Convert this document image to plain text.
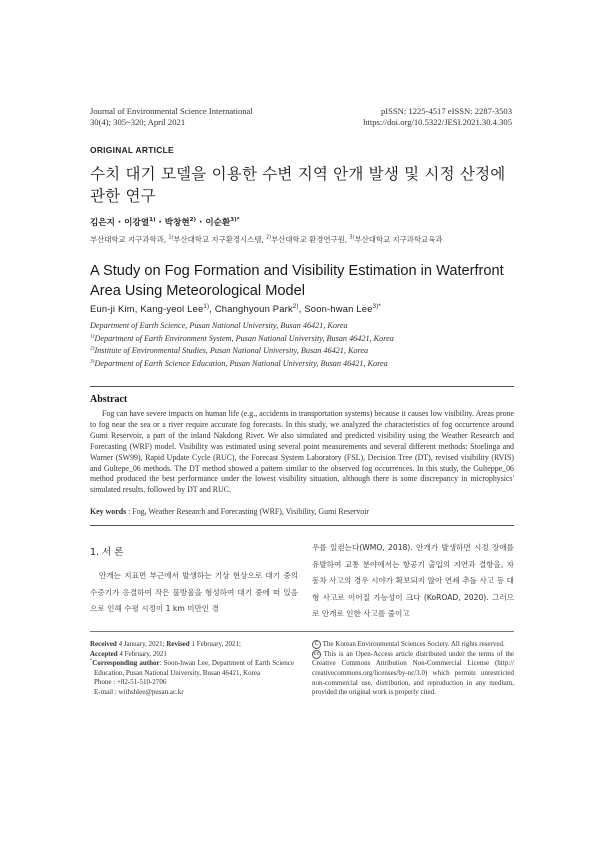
Journal of Environmental Science International
30(4); 305~320; April 2021
pISSN: 1225-4517 eISSN: 2287-3503
https://doi.org/10.5322/JESI.2021.30.4.305
ORIGINAL ARTICLE
수치 대기 모델을 이용한 수변 지역 안개 발생 및 시정 산정에
관한 연구
김은지 · 이강열$^{1)}$ · 박창현$^{2)}$ · 이순환$^{3)*}$
부산대학교 지구과학과, $^{1)}$부산대학교 지구환경시스템, $^{2)}$부산대학교 환경연구원, $^{3)}$부산대학교 지구과학교육과
A Study on Fog Formation and Visibility Estimation in Waterfront
Area Using Meteorological Model
Eun-ji Kim, Kang-yeol Lee$^{1)}$, Changhyoun Park$^{2)}$, Soon-hwan Lee$^{3)*}$
Department of Earth Science, Pusan National University, Busan 46421, Korea
$^{1)}$Department of Earth Environment System, Pusan National University, Busan 46421, Korea
$^{2)}$Institute of Environmental Studies, Pusan National University, Busan 46421, Korea
$^{3)}$Department of Earth Science Education, Pusan National University, Busan 46421, Korea
Abstract
Fog can have severe impacts on human life (e.g., accidents in transportation systems) because it causes low visibility. Areas prone to fog near the sea or a river require accurate fog forecasts. In this study, we analyzed the characteristics of fog occurrence around Gumi Reservoir, a part of the inland Nakdong River. We also simulated and predicted visibility using the Weather Research and Forecasting (WRF) model. Visibility was estimated using several point measurements and several different methods: Stoelinga and Warner (SW99), Rapid Update Cycle (RUC), the Forecast System Laboratory (FSL), Decision Tree (DT), revised visibility (RVIS) and Gultepe_06 methods. The DT method showed a pattern similar to the observed fog occurrences. In this study, the Gulteppe_06 method produced the best performance under the lowest visibility situation, although there is some discrepancy in microphysics' simulated results, followed by DT and RUC.
Key words : Fog, Weather Research and Forecasting (WRF), Visibility, Gumi Reservoir
1. 서 론
안개는 지표면 부근에서 발생하는 기상 현상으로 대기 중의 수증기가 응결하여 작은 물방울을 형성하여 대기 중에 떠 있음으로 인해 수평 시정이 1 km 미만인 경
우를 일컫는다(WMO, 2018). 안개가 발생하면 시정 장애를 유발하여 교통 분야에서는 항공기 출입의 지연과 결항을, 자동차 사고의 경우 시야가 확보되지 않아 연쇄 추돌 사고 등 대형 사고로 이어질 가능성이 크다 (KoROAD, 2020). 그러므로 안개로 인한 사고를 줄이고
Received 4 January, 2021; Revised 1 February, 2021;
Accepted 4 February, 2021
*Corresponding author: Soon-hwan Lee, Department of Earth Science Education, Pusan National University, Busan 46421, Korea
Phone : +82-51-510-2706
E-mail : withshlee@pusan.ac.kr
C The Korean Environmental Sciences Society. All rights reserved.
cc This is an Open-Access article distributed under the terms of the Creative Commons Attribution Non-Commercial License (http:// creativecommons.org/licenses/by-nc/3.0) which permits unrestricted non-commercial use, distribution, and reproduction in any medium, provided the original work is properly cited.
